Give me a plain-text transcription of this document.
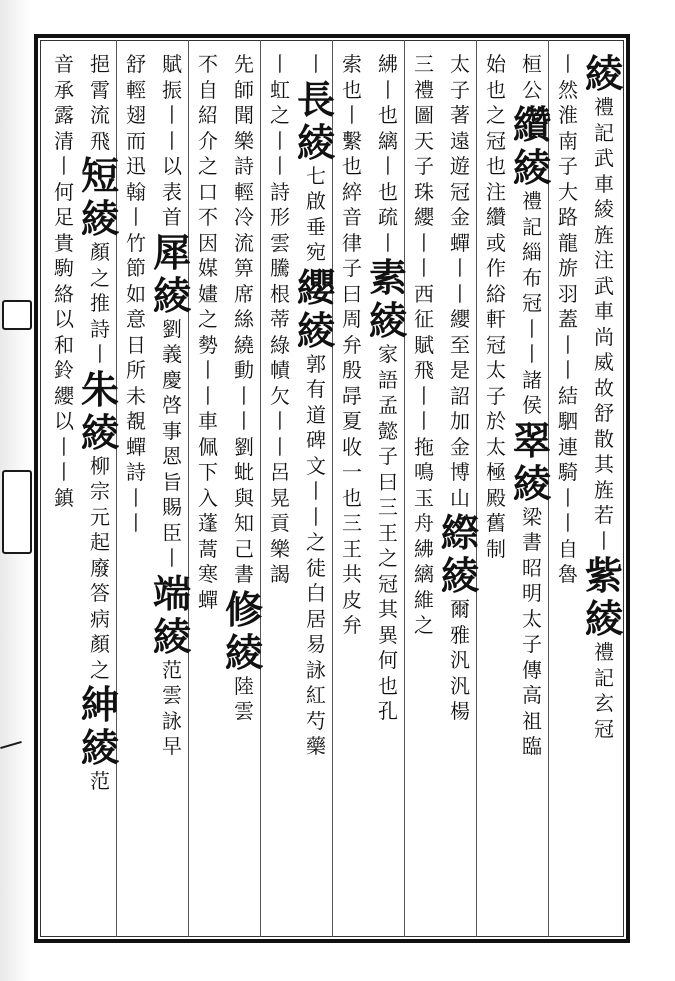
綾
禮
記
武
車
綾
旌
注
武
車
尚
威
故
舒
散
其
旌
若
丨
紫
綾
禮
記
玄
冠
丨
然
淮
南
子
大
路
龍
旂
羽
蓋
丨
丨
結
駟
連
騎
丨
丨
自
魯
桓
公
纘
綾
禮
記
緇
布
冠
丨
丨
諸
侯
翠
綾
梁
書
昭
明
太
子
傳
高
祖
臨
始
也
之
冠
也
注
纘
或
作
綌
軒
冠
太
子
於
太
極
殿
舊
制
太
子
著
遠
遊
冠
金
蟬
丨
丨
纓
至
是
詔
加
金
博
山
縩
綾
爾
雅
汎
汎
楊
三
禮
圖
天
子
珠
纓
丨
丨
西
征
賦
飛
丨
丨
拖
鳴
玉
舟
紼
縭
維
之
紼
丨
也
縭
丨
也
疏
丨
素
綾
家
語
孟
懿
子
曰
三
王
之
冠
其
異
何
也
孔
索
也
丨
繫
也
綷
音
律
子
曰
周
弁
殷
冔
夏
收
一
也
三
王
共
皮
弁
丨
長
綾
七
啟
垂
宛
纓
綾
郭
有
道
碑
文
丨
丨
之
徒
白
居
易
詠
紅
芍
藥
丨
虹
之
丨
丨
詩
形
雲
騰
根
蒂
綠
幘
欠
丨
丨
呂
晃
貢
樂
謁
先
師
聞
樂
詩
輕
冷
流
箅
席
絲
繞
動
丨
丨
劉
蚍
與
知
己
書
修
綾
陸
雲
不
自
紹
介
之
口
不
因
媒
嫿
之
勢
丨
丨
車
佩
下
入
蓬
蒿
寒
蟬
賦
振
丨
丨
以
表
首
犀
綾
劉
義
慶
啓
事
恩
旨
賜
臣
丨
端
綾
范
雲
詠
早
舒
輕
翅
而
迅
翰
丨
竹
節
如
意
日
所
未
覩
蟬
詩
丨
丨
挹
霄
流
飛
短
綾
顏
之
推
詩
丨
朱
綾
柳
宗
元
起
廢
答
病
顏
之
紳
綾
范
音
承
露
清
丨
何
足
貴
駒
絡
以
和
鈴
纓
以
丨
丨
鎮
